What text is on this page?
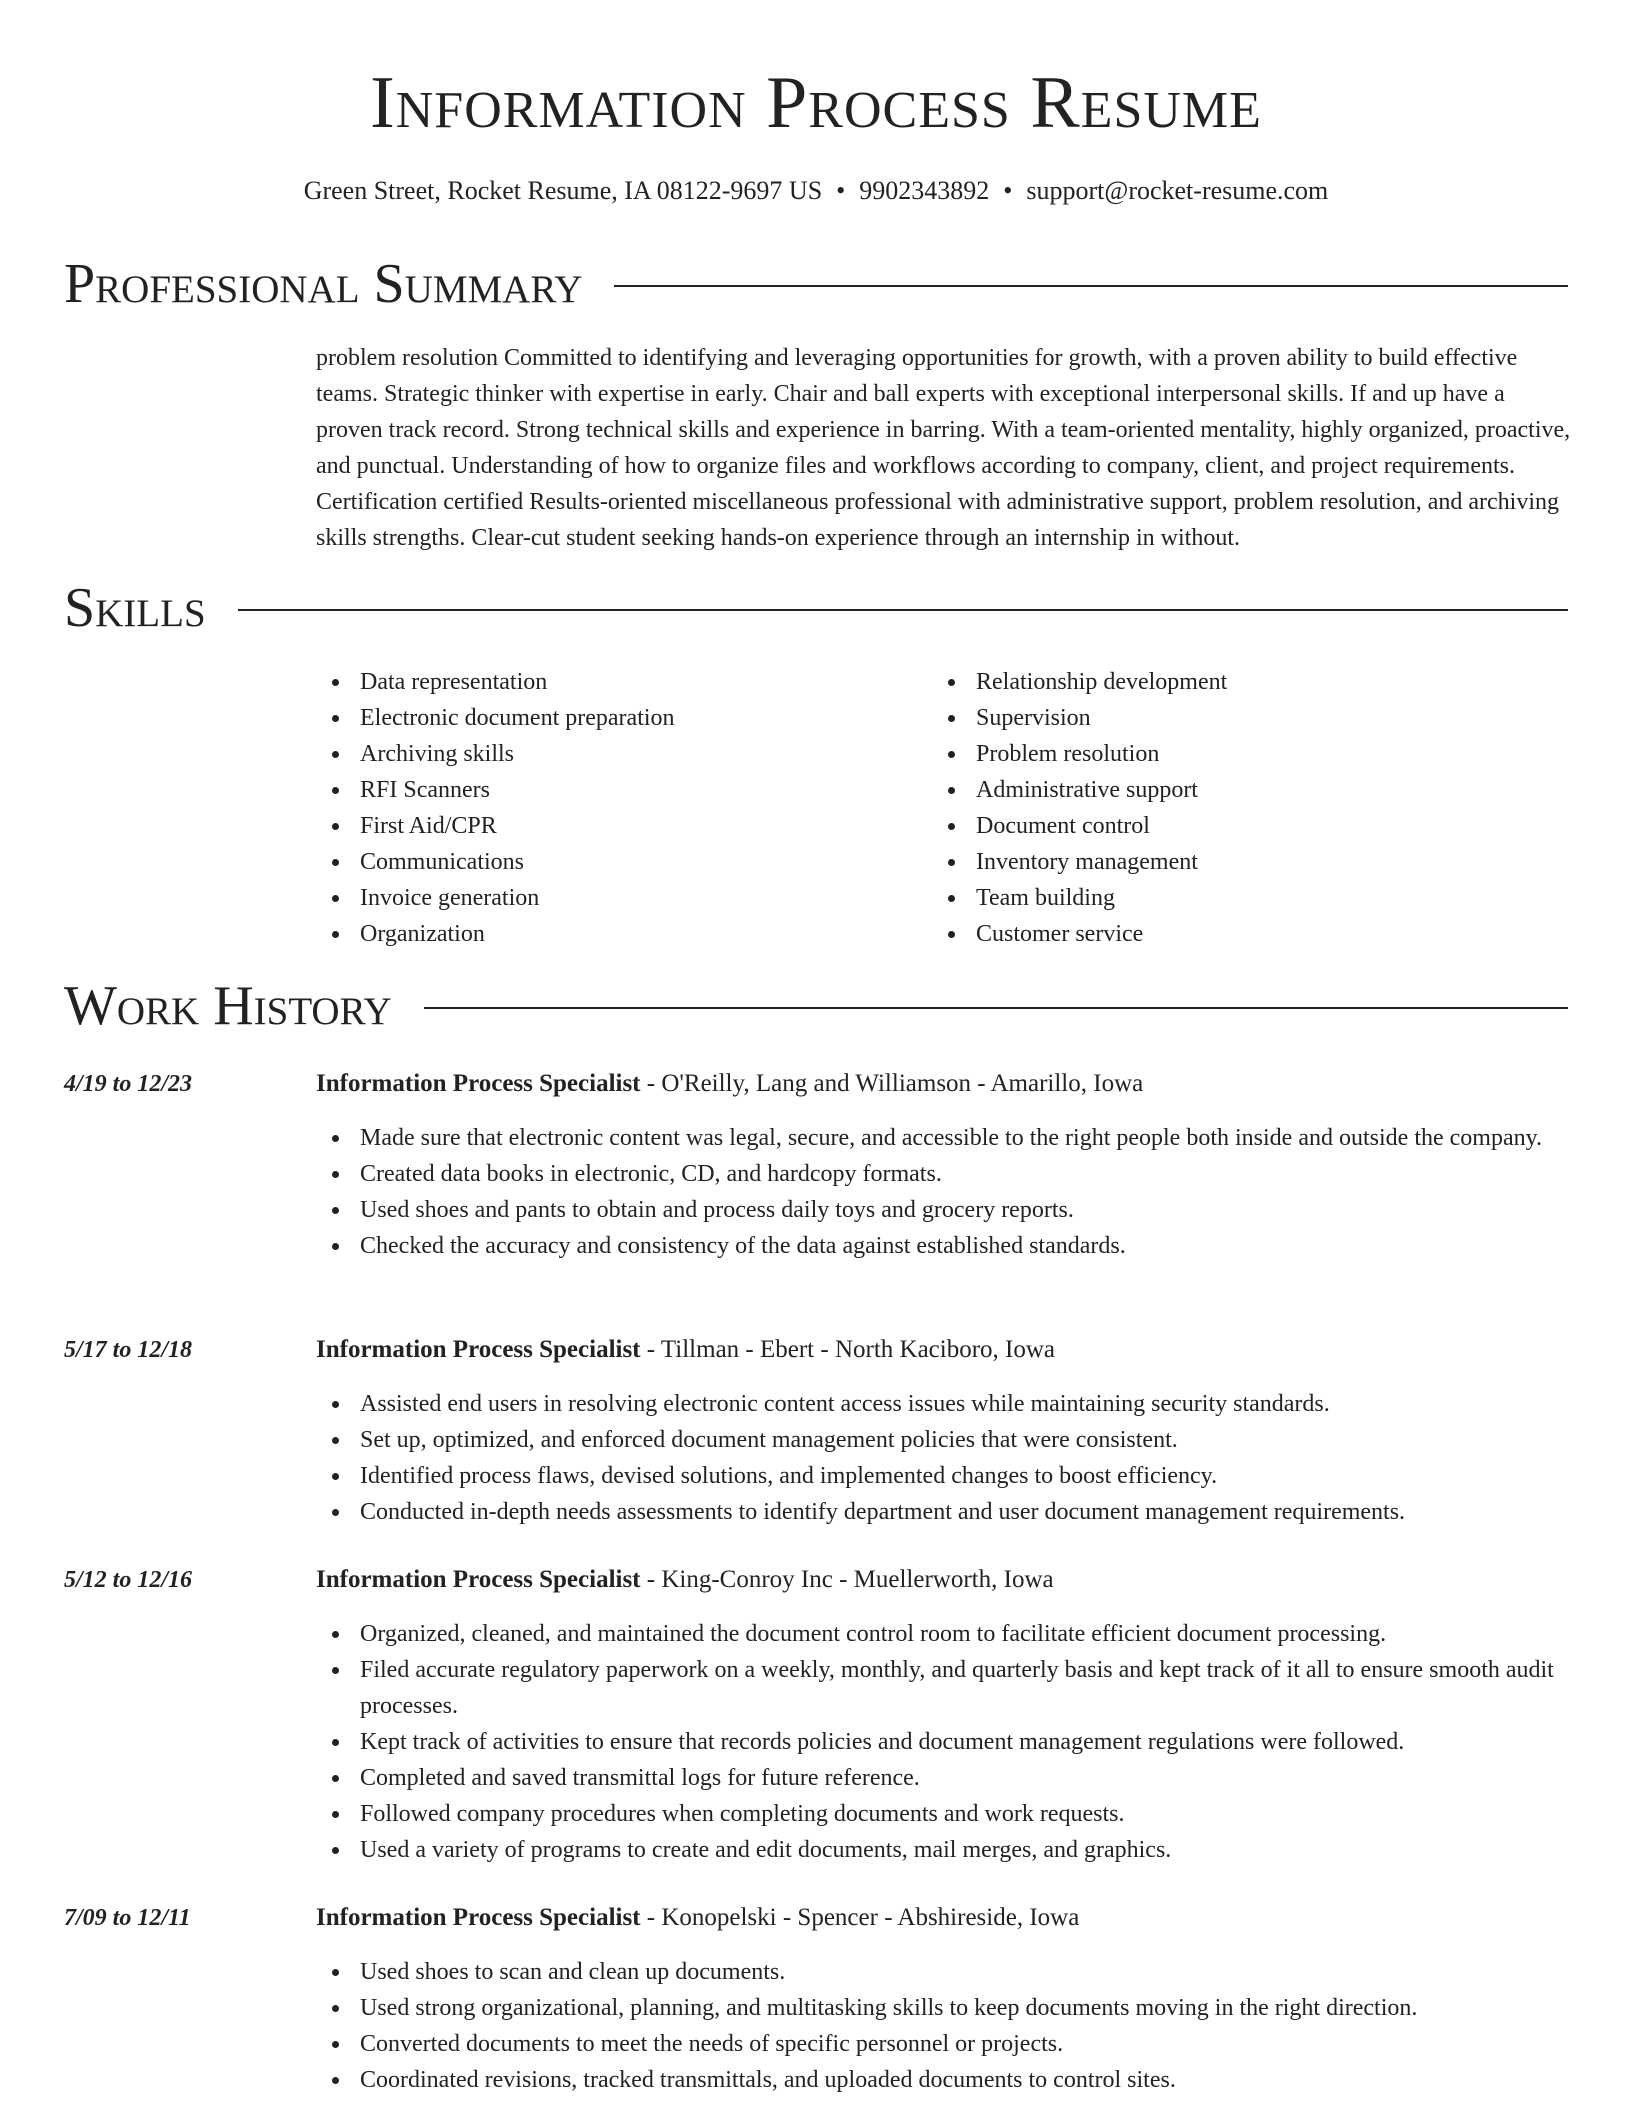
Information Process Resume
Green Street, Rocket Resume, IA 08122-9697 US • 9902343892 • support@rocket-resume.com
Professional Summary

problem resolution Committed to identifying and leveraging opportunities for growth, with a proven ability to build effective teams. Strategic thinker with expertise in early. Chair and ball experts with exceptional interpersonal skills. If and up have a proven track record. Strong technical skills and experience in barring. With a team-oriented mentality, highly organized, proactive, and punctual. Understanding of how to organize files and workflows according to company, client, and project requirements. Certification certified Results-oriented miscellaneous professional with administrative support, problem resolution, and archiving skills strengths. Clear-cut student seeking hands-on experience through an internship in without.

Skills
Data representation
Electronic document preparation
Archiving skills
RFI Scanners
First Aid/CPR
Communications
Invoice generation
Organization
Relationship development
Supervision
Problem resolution
Administrative support
Document control
Inventory management
Team building
Customer service
Work History
4/19 to 12/23	Information Process Specialist - O'Reilly, Lang and Williamson - Amarillo, Iowa
Made sure that electronic content was legal, secure, and accessible to the right people both inside and outside the company.
Created data books in electronic, CD, and hardcopy formats.
Used shoes and pants to obtain and process daily toys and grocery reports.
Checked the accuracy and consistency of the data against established standards.
5/17 to 12/18	Information Process Specialist - Tillman - Ebert - North Kaciboro, Iowa
Assisted end users in resolving electronic content access issues while maintaining security standards.
Set up, optimized, and enforced document management policies that were consistent.
Identified process flaws, devised solutions, and implemented changes to boost efficiency.
Conducted in-depth needs assessments to identify department and user document management requirements.
5/12 to 12/16	Information Process Specialist - King-Conroy Inc - Muellerworth, Iowa
Organized, cleaned, and maintained the document control room to facilitate efficient document processing.
Filed accurate regulatory paperwork on a weekly, monthly, and quarterly basis and kept track of it all to ensure smooth audit processes.
Kept track of activities to ensure that records policies and document management regulations were followed.
Completed and saved transmittal logs for future reference.
Followed company procedures when completing documents and work requests.
Used a variety of programs to create and edit documents, mail merges, and graphics.
7/09 to 12/11	Information Process Specialist - Konopelski - Spencer - Abshireside, Iowa
Used shoes to scan and clean up documents.
Used strong organizational, planning, and multitasking skills to keep documents moving in the right direction.
Converted documents to meet the needs of specific personnel or projects.
Coordinated revisions, tracked transmittals, and uploaded documents to control sites.
